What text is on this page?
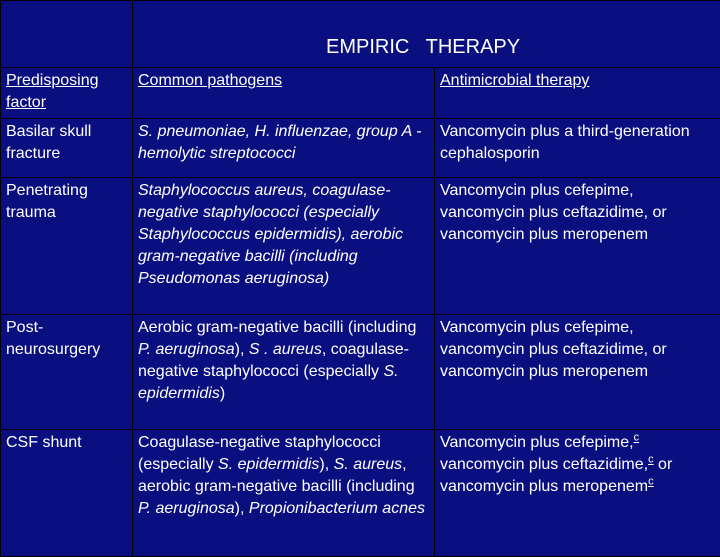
	EMPIRIC   THERAPY	

Predisposing factor	Common pathogens	Antimicrobial therapy
Basilar skull fracture	S. pneumoniae, H. influenzae, group A -hemolytic streptococci	Vancomycin plus a third-generation cephalosporin
Penetrating trauma	Staphylococcus aureus, coagulase-negative staphylococci (especially Staphylococcus epidermidis), aerobic gram-negative bacilli (including Pseudomonas aeruginosa)	Vancomycin plus cefepime, vancomycin plus ceftazidime, or vancomycin plus meropenem
Post-neurosurgery	Aerobic gram-negative bacilli (including P. aeruginosa), S . aureus, coagulase-negative staphylococci (especially S. epidermidis)	Vancomycin plus cefepime, vancomycin plus ceftazidime, or vancomycin plus meropenem
CSF shunt	Coagulase-negative staphylococci (especially S. epidermidis), S. aureus, aerobic gram-negative bacilli (including P. aeruginosa), Propionibacterium acnes	Vancomycin plus cefepime,$^c$ vancomycin plus ceftazidime,$^c$ or vancomycin plus meropenem$^c$
